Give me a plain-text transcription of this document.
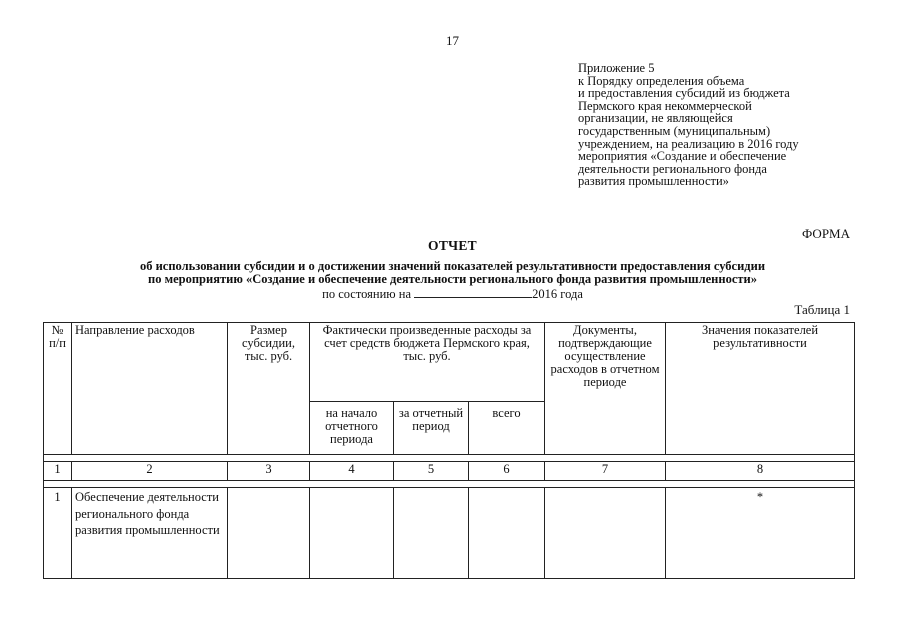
17
Приложение 5
к Порядку определения объема
и предоставления субсидий из бюджета
Пермского края некоммерческой
организации, не являющейся
государственным (муниципальным)
учреждением, на реализацию в 2016 году
мероприятия «Создание и обеспечение
деятельности регионального фонда
развития промышленности»
ФОРМА
ОТЧЕТ
об использовании субсидии и о достижении значений показателей результативности предоставления субсидии
по мероприятию «Создание и обеспечение деятельности регионального фонда развития промышленности»
по состоянию на	2016 года
Таблица 1
№ п/п	Направление расходов	Размер субсидии, тыс. руб.	Фактически произведенные расходы за счет средств бюджета Пермского края, тыс. руб.			Документы, подтверждающие осуществление расходов в отчетном периоде	Значения показателей результативности
			на начало отчетного периода	за отчетный период	всего		

1	2	3	4	5	6	7	8

1	Обеспечение деятельности регионального фонда развития промышленности						*
